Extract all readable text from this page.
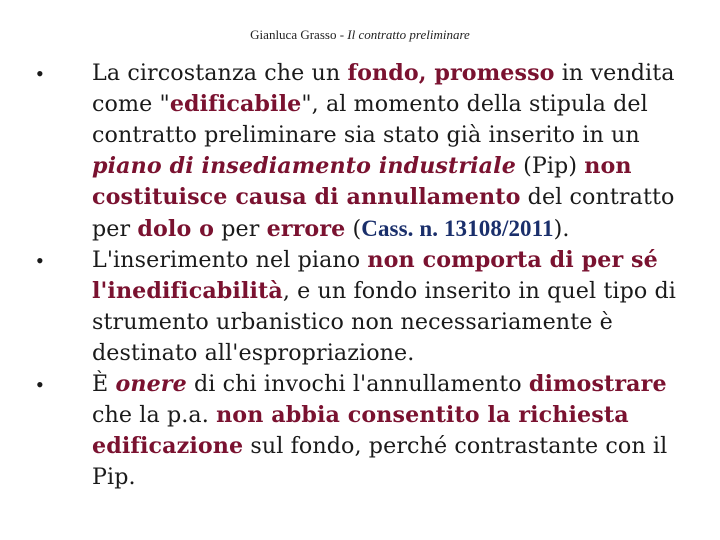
Gianluca Grasso - Il contratto preliminare
•	La circostanza che un fondo, promesso in vendita come "edificabile", al momento della stipula del contratto preliminare sia stato già inserito in un piano di insediamento industriale (Pip) non costituisce causa di annullamento del contratto per dolo o per errore (Cass. n. 13108/2011).
•	L'inserimento nel piano non comporta di per sé l'inedificabilità, e un fondo inserito in quel tipo di strumento urbanistico non necessariamente è destinato all'espropriazione.
•	È onere di chi invochi l'annullamento dimostrare che la p.a. non abbia consentito la richiesta edificazione sul fondo, perché contrastante con il Pip.
